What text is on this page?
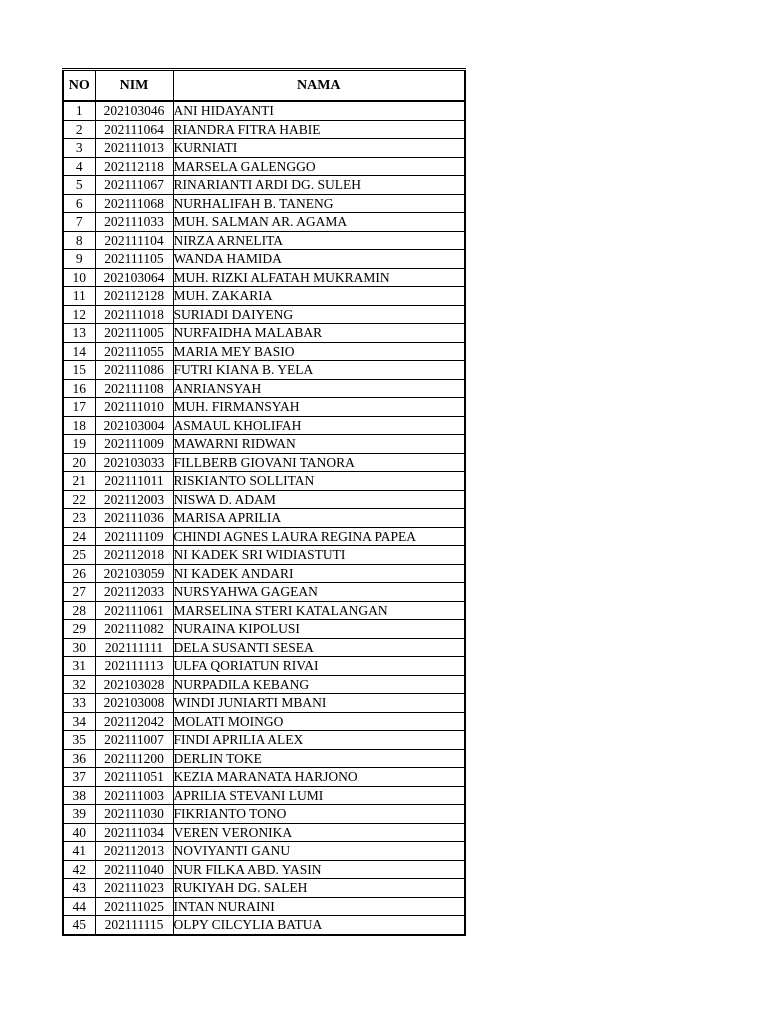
NO	NIM	NAMA
1	202103046	ANI HIDAYANTI
2	202111064	RIANDRA FITRA HABIE
3	202111013	KURNIATI
4	202112118	MARSELA GALENGGO
5	202111067	RINARIANTI ARDI DG. SULEH
6	202111068	NURHALIFAH B. TANENG
7	202111033	MUH. SALMAN AR. AGAMA
8	202111104	NIRZA ARNELITA
9	202111105	WANDA HAMIDA
10	202103064	MUH. RIZKI ALFATAH MUKRAMIN
11	202112128	MUH. ZAKARIA
12	202111018	SURIADI DAIYENG
13	202111005	NURFAIDHA MALABAR
14	202111055	MARIA MEY BASIO
15	202111086	FUTRI KIANA B. YELA
16	202111108	ANRIANSYAH
17	202111010	MUH. FIRMANSYAH
18	202103004	ASMAUL KHOLIFAH
19	202111009	MAWARNI RIDWAN
20	202103033	FILLBERB GIOVANI TANORA
21	202111011	RISKIANTO SOLLITAN
22	202112003	NISWA D. ADAM
23	202111036	MARISA APRILIA
24	202111109	CHINDI AGNES LAURA REGINA PAPEA
25	202112018	NI KADEK SRI WIDIASTUTI
26	202103059	NI KADEK ANDARI
27	202112033	NURSYAHWA GAGEAN
28	202111061	MARSELINA STERI KATALANGAN
29	202111082	NURAINA KIPOLUSI
30	202111111	DELA SUSANTI SESEA
31	202111113	ULFA QORIATUN RIVAI
32	202103028	NURPADILA KEBANG
33	202103008	WINDI JUNIARTI MBANI
34	202112042	MOLATI MOINGO
35	202111007	FINDI APRILIA ALEX
36	202111200	DERLIN TOKE
37	202111051	KEZIA MARANATA HARJONO
38	202111003	APRILIA STEVANI LUMI
39	202111030	FIKRIANTO TONO
40	202111034	VEREN VERONIKA
41	202112013	NOVIYANTI GANU
42	202111040	NUR FILKA ABD. YASIN
43	202111023	RUKIYAH DG. SALEH
44	202111025	INTAN NURAINI
45	202111115	OLPY CILCYLIA BATUA
